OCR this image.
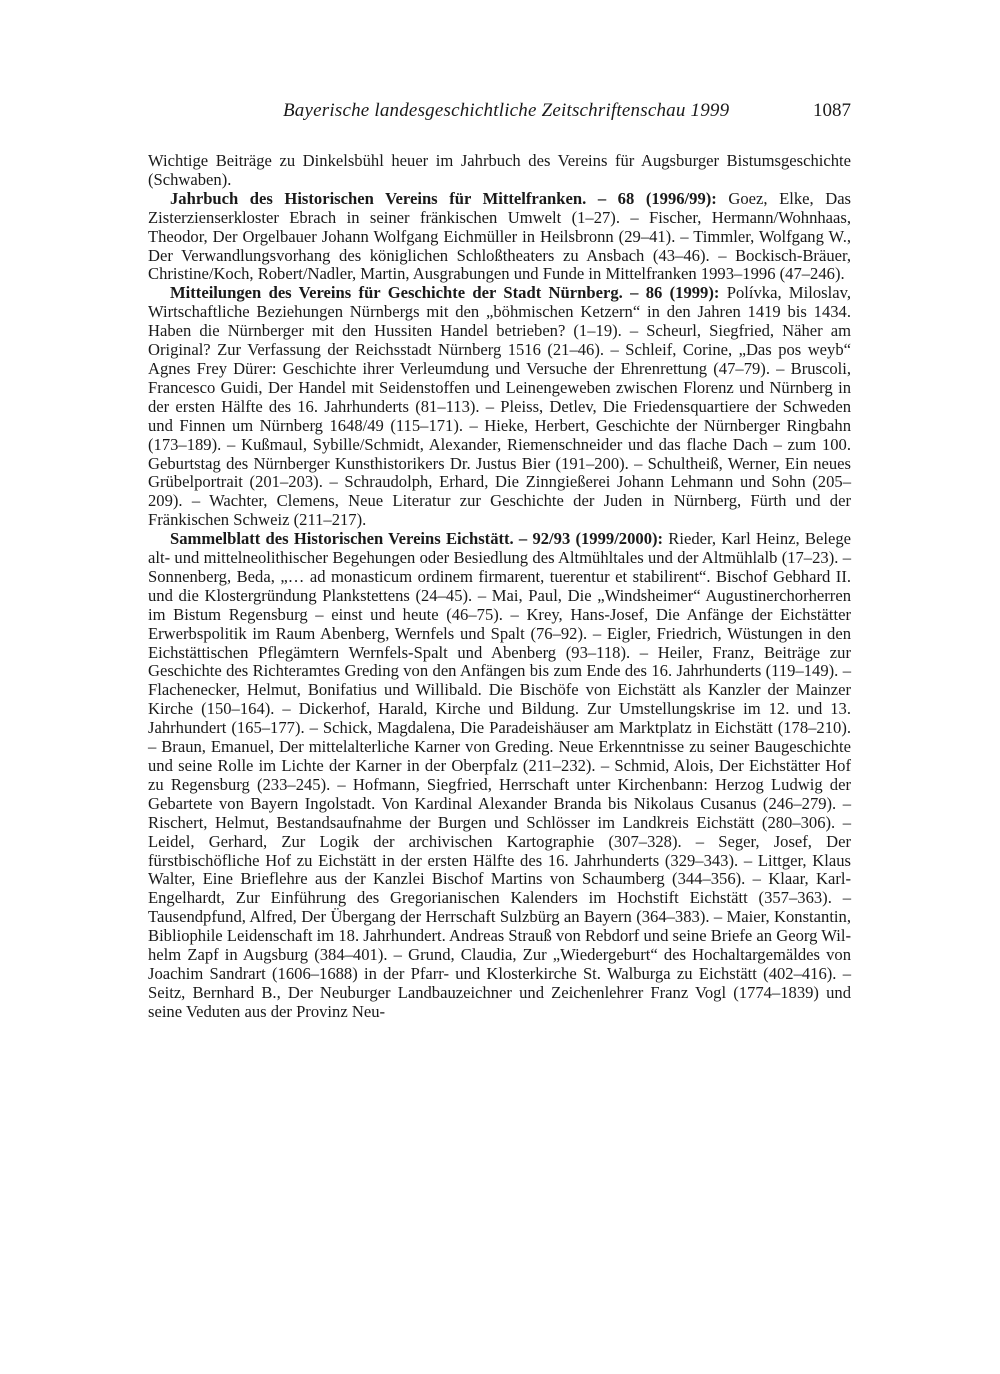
Bayerische landesgeschichtliche Zeitschriftenschau 1999	1087

Wichtige Beiträge zu Dinkelsbühl heuer im Jahrbuch des Vereins für Augsburger Bistumsgeschichte (Schwaben).

Jahrbuch des Historischen Vereins für Mittelfranken. – 68 (1996/99): Goez, Elke, Das Zisterzienserkloster Ebrach in seiner fränkischen Umwelt (1–27). – Fischer, Hermann/Wohnhaas, Theodor, Der Orgelbauer Johann Wolfgang Eichmüller in Heilsbronn (29–41). – Timmler, Wolfgang W., Der Verwandlungsvorhang des königlichen Schloßtheaters zu Ansbach (43–46). – Bockisch-Bräuer, Christine/Koch, Robert/Nadler, Martin, Ausgrabungen und Funde in Mittelfranken 1993–1996 (47–246).

Mitteilungen des Vereins für Geschichte der Stadt Nürnberg. – 86 (1999): Polívka, Miloslav, Wirtschaftliche Beziehungen Nürnbergs mit den „böhmischen Ketzern“ in den Jahren 1419 bis 1434. Haben die Nürnberger mit den Hussiten Handel betrieben? (1–19). – Scheurl, Siegfried, Näher am Original? Zur Verfassung der Reichsstadt Nürnberg 1516 (21–46). – Schleif, Corine, „Das pos weyb“ Agnes Frey Dürer: Geschichte ihrer Verleumdung und Versuche der Ehrenrettung (47–79). – Bruscoli, Francesco Guidi, Der Handel mit Seidenstoffen und Leinengeweben zwischen Florenz und Nürnberg in der ersten Hälfte des 16. Jahrhunderts (81–113). – Pleiss, Detlev, Die Friedensquartiere der Schweden und Finnen um Nürnberg 1648/49 (115–171). – Hieke, Herbert, Geschichte der Nürnberger Ringbahn (173–189). – Kußmaul, Sybille/Schmidt, Alexander, Riemenschneider und das flache Dach – zum 100. Geburtstag des Nürnberger Kunsthistorikers Dr. Justus Bier (191–200). – Schultheiß, Werner, Ein neues Grübelportrait (201–203). – Schraudolph, Erhard, Die Zinngießerei Johann Lehmann und Sohn (205–209). – Wachter, Clemens, Neue Literatur zur Geschichte der Juden in Nürnberg, Fürth und der Fränkischen Schweiz (211–217).

Sammelblatt des Historischen Vereins Eichstätt. – 92/93 (1999/2000): Rieder, Karl Heinz, Belege alt- und mittelneolithischer Begehungen oder Besiedlung des Altmühltales und der Altmühlalb (17–23). – Sonnenberg, Beda, „… ad monasticum ordinem firmarent, tuerentur et stabilirent“. Bischof Gebhard II. und die Klostergründung Plankstettens (24–45). – Mai, Paul, Die „Windsheimer“ Augustinerchorherren im Bistum Regensburg – einst und heute (46–75). – Krey, Hans-Josef, Die Anfänge der Eichstätter Erwerbspolitik im Raum Abenberg, Wernfels und Spalt (76–92). – Eigler, Friedrich, Wüstungen in den Eichstättischen Pflegämtern Wernfels-Spalt und Abenberg (93–118). – Heiler, Franz, Beiträge zur Geschichte des Richteramtes Greding von den Anfängen bis zum Ende des 16. Jahrhunderts (119–149). – Flachenecker, Helmut, Bonifatius und Willibald. Die Bischöfe von Eichstätt als Kanzler der Mainzer Kirche (150–164). – Dickerhof, Harald, Kirche und Bildung. Zur Umstellungskrise im 12. und 13. Jahrhundert (165–177). – Schick, Magdalena, Die Paradeishäuser am Marktplatz in Eichstätt (178–210). – Braun, Emanuel, Der mittelalterliche Karner von Greding. Neue Erkenntnisse zu seiner Baugeschichte und seine Rolle im Lichte der Karner in der Oberpfalz (211–232). – Schmid, Alois, Der Eichstätter Hof zu Regensburg (233–245). – Hofmann, Siegfried, Herrschaft unter Kirchenbann: Herzog Ludwig der Gebartete von Bayern Ingolstadt. Von Kardinal Alexander Branda bis Nikolaus Cusanus (246–279). – Rischert, Helmut, Bestandsaufnahme der Burgen und Schlösser im Landkreis Eichstätt (280–306). – Leidel, Gerhard, Zur Logik der archivischen Kartographie (307–328). – Seger, Josef, Der fürstbischöfliche Hof zu Eichstätt in der ersten Hälfte des 16. Jahrhunderts (329–343). – Littger, Klaus Walter, Eine Brieflehre aus der Kanzlei Bischof Martins von Schaumberg (344–356). – Klaar, Karl-Engelhardt, Zur Einführung des Gregorianischen Kalenders im Hochstift Eichstätt (357–363). – Tausendpfund, Alfred, Der Übergang der Herrschaft Sulzbürg an Bayern (364–383). – Maier, Konstantin, Bibliophile Leidenschaft im 18. Jahrhundert. Andreas Strauß von Rebdorf und seine Briefe an Georg Wilhelm Zapf in Augsburg (384–401). – Grund, Claudia, Zur „Wiedergeburt“ des Hochaltargemäldes von Joachim Sandrart (1606–1688) in der Pfarr- und Klosterkirche St. Walburga zu Eichstätt (402–416). – Seitz, Bernhard B., Der Neuburger Landbauzeichner und Zeichenlehrer Franz Vogl (1774–1839) und seine Veduten aus der Provinz Neu-
